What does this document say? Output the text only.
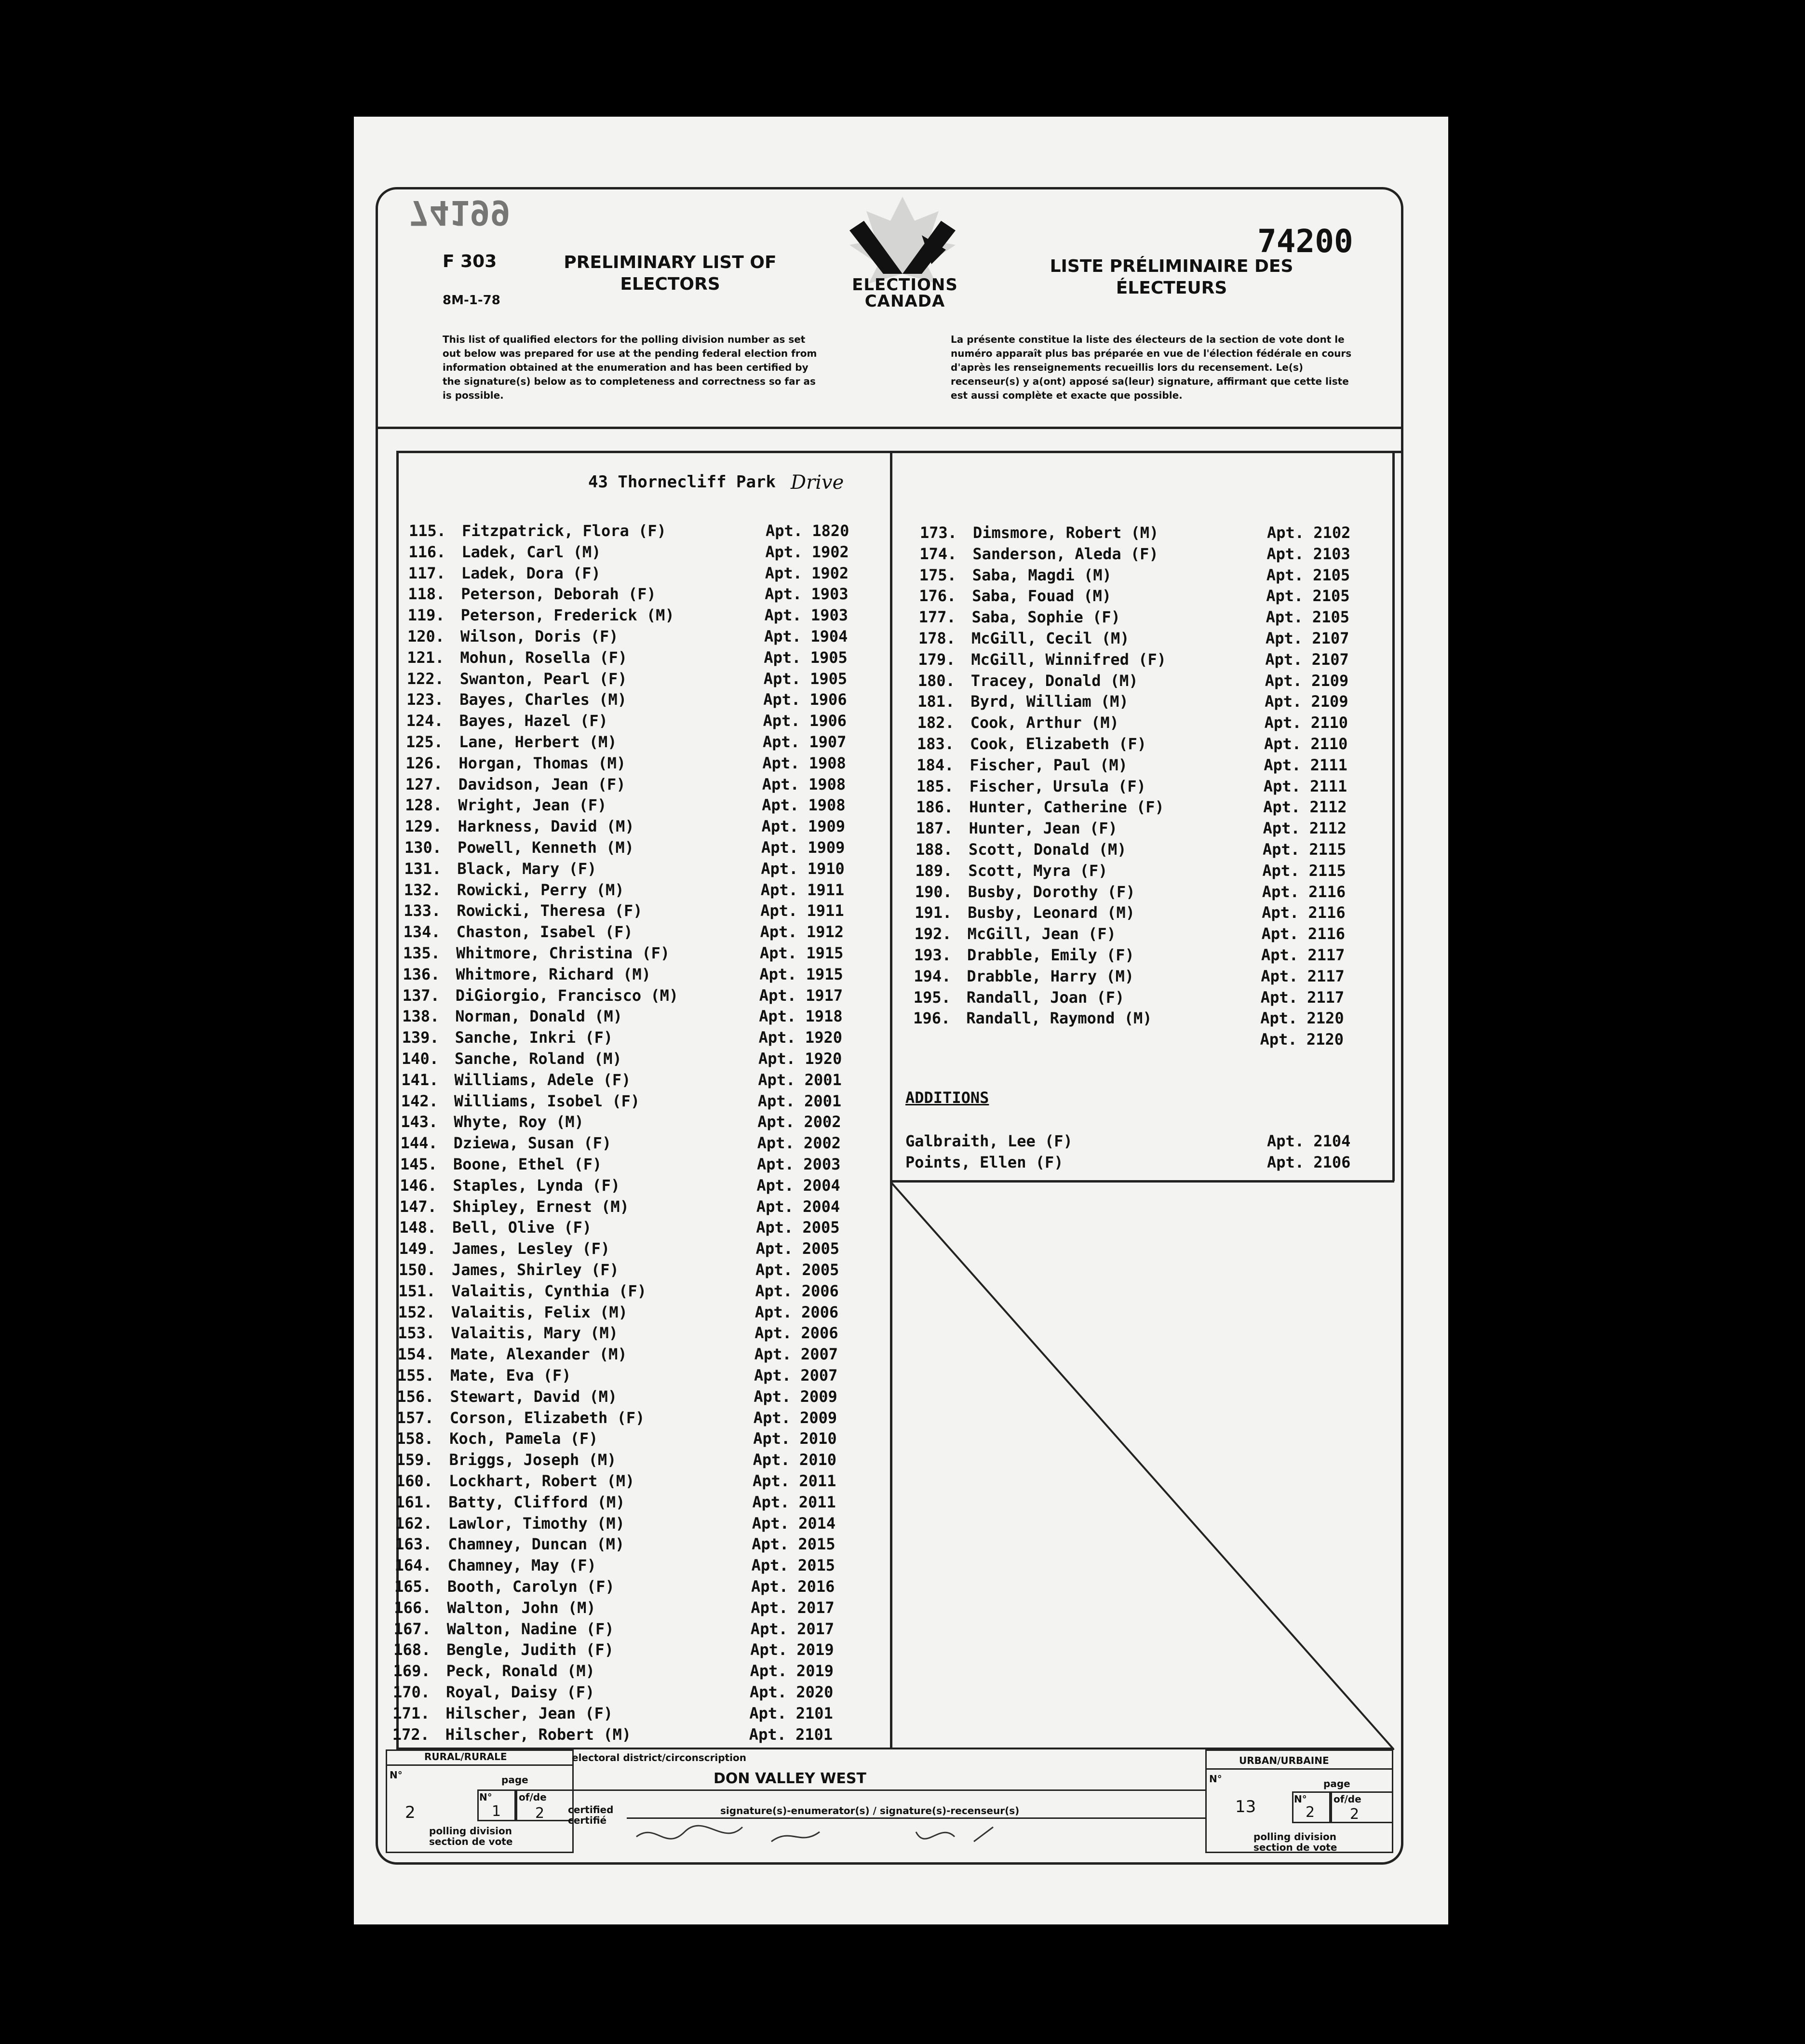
74199
74200
F 303
8M-1-78
PRELIMINARY LIST OF
ELECTORS
LISTE PRÉLIMINAIRE DES
ÉLECTEURS
ELECTIONS
CANADA
This list of qualified electors for the polling division number as set out below was prepared for use at the pending federal election from information obtained at the enumeration and has been certified by the signature(s) below as to completeness and correctness so far as is possible.
La présente constitue la liste des électeurs de la section de vote dont le numéro apparaît plus bas préparée en vue de l'élection fédérale en cours d'après les renseignements recueillis lors du recensement. Le(s) recenseur(s) y a(ont) apposé sa(leur) signature, affirmant que cette liste est aussi complète et exacte que possible.
43 Thornecliff Park Drive
115. Fitzpatrick, Flora (F)	Apt. 1820
116. Ladek, Carl (M)	Apt. 1902
117. Ladek, Dora (F)	Apt. 1902
118. Peterson, Deborah (F)	Apt. 1903
119. Peterson, Frederick (M)	Apt. 1903
120. Wilson, Doris (F)	Apt. 1904
121. Mohun, Rosella (F)	Apt. 1905
122. Swanton, Pearl (F)	Apt. 1905
123. Bayes, Charles (M)	Apt. 1906
124. Bayes, Hazel (F)	Apt. 1906
125. Lane, Herbert (M)	Apt. 1907
126. Horgan, Thomas (M)	Apt. 1908
127. Davidson, Jean (F)	Apt. 1908
128. Wright, Jean (F)	Apt. 1908
129. Harkness, David (M)	Apt. 1909
130. Powell, Kenneth (M)	Apt. 1909
131. Black, Mary (F)	Apt. 1910
132. Rowicki, Perry (M)	Apt. 1911
133. Rowicki, Theresa (F)	Apt. 1911
134. Chaston, Isabel (F)	Apt. 1912
135. Whitmore, Christina (F)	Apt. 1915
136. Whitmore, Richard (M)	Apt. 1915
137. DiGiorgio, Francisco (M)	Apt. 1917
138. Norman, Donald (M)	Apt. 1918
139. Sanche, Inkri (F)	Apt. 1920
140. Sanche, Roland (M)	Apt. 1920
141. Williams, Adele (F)	Apt. 2001
142. Williams, Isobel (F)	Apt. 2001
143. Whyte, Roy (M)	Apt. 2002
144. Dziewa, Susan (F)	Apt. 2002
145. Boone, Ethel (F)	Apt. 2003
146. Staples, Lynda (F)	Apt. 2004
147. Shipley, Ernest (M)	Apt. 2004
148. Bell, Olive (F)	Apt. 2005
149. James, Lesley (F)	Apt. 2005
150. James, Shirley (F)	Apt. 2005
151. Valaitis, Cynthia (F)	Apt. 2006
152. Valaitis, Felix (M)	Apt. 2006
153. Valaitis, Mary (M)	Apt. 2006
154. Mate, Alexander (M)	Apt. 2007
155. Mate, Eva (F)	Apt. 2007
156. Stewart, David (M)	Apt. 2009
157. Corson, Elizabeth (F)	Apt. 2009
158. Koch, Pamela (F)	Apt. 2010
159. Briggs, Joseph (M)	Apt. 2010
160. Lockhart, Robert (M)	Apt. 2011
161. Batty, Clifford (M)	Apt. 2011
162. Lawlor, Timothy (M)	Apt. 2014
163. Chamney, Duncan (M)	Apt. 2015
164. Chamney, May (F)	Apt. 2015
165. Booth, Carolyn (F)	Apt. 2016
166. Walton, John (M)	Apt. 2017
167. Walton, Nadine (F)	Apt. 2017
168. Bengle, Judith (F)	Apt. 2019
169. Peck, Ronald (M)	Apt. 2019
170. Royal, Daisy (F)	Apt. 2020
171. Hilscher, Jean (F)	Apt. 2101
172. Hilscher, Robert (M)	Apt. 2101
173. Dimsmore, Robert (M)	Apt. 2102
174. Sanderson, Aleda (F)	Apt. 2103
175. Saba, Magdi (M)	Apt. 2105
176. Saba, Fouad (M)	Apt. 2105
177. Saba, Sophie (F)	Apt. 2105
178. McGill, Cecil (M)	Apt. 2107
179. McGill, Winnifred (F)	Apt. 2107
180. Tracey, Donald (M)	Apt. 2109
181. Byrd, William (M)	Apt. 2109
182. Cook, Arthur (M)	Apt. 2110
183. Cook, Elizabeth (F)	Apt. 2110
184. Fischer, Paul (M)	Apt. 2111
185. Fischer, Ursula (F)	Apt. 2111
186. Hunter, Catherine (F)	Apt. 2112
187. Hunter, Jean (F)	Apt. 2112
188. Scott, Donald (M)	Apt. 2115
189. Scott, Myra (F)	Apt. 2115
190. Busby, Dorothy (F)	Apt. 2116
191. Busby, Leonard (M)	Apt. 2116
192. McGill, Jean (F)	Apt. 2116
193. Drabble, Emily (F)	Apt. 2117
194. Drabble, Harry (M)	Apt. 2117
195. Randall, Joan (F)	Apt. 2117
196. Randall, Raymond (M)	Apt. 2120
Apt. 2120
ADDITIONS
Galbraith, Lee (F)	Apt. 2104
Points, Ellen (F)	Apt. 2106
RURAL/RURALE
N°	page
2
N°
1
of/de
2
polling division
section de vote
electoral district/circonscription
DON VALLEY WEST
certified
certifié
signature(s)-enumerator(s) / signature(s)-recenseur(s)
URBAN/URBAINE
N°	page
13	N°
2
of/de
2
polling division
section de vote
